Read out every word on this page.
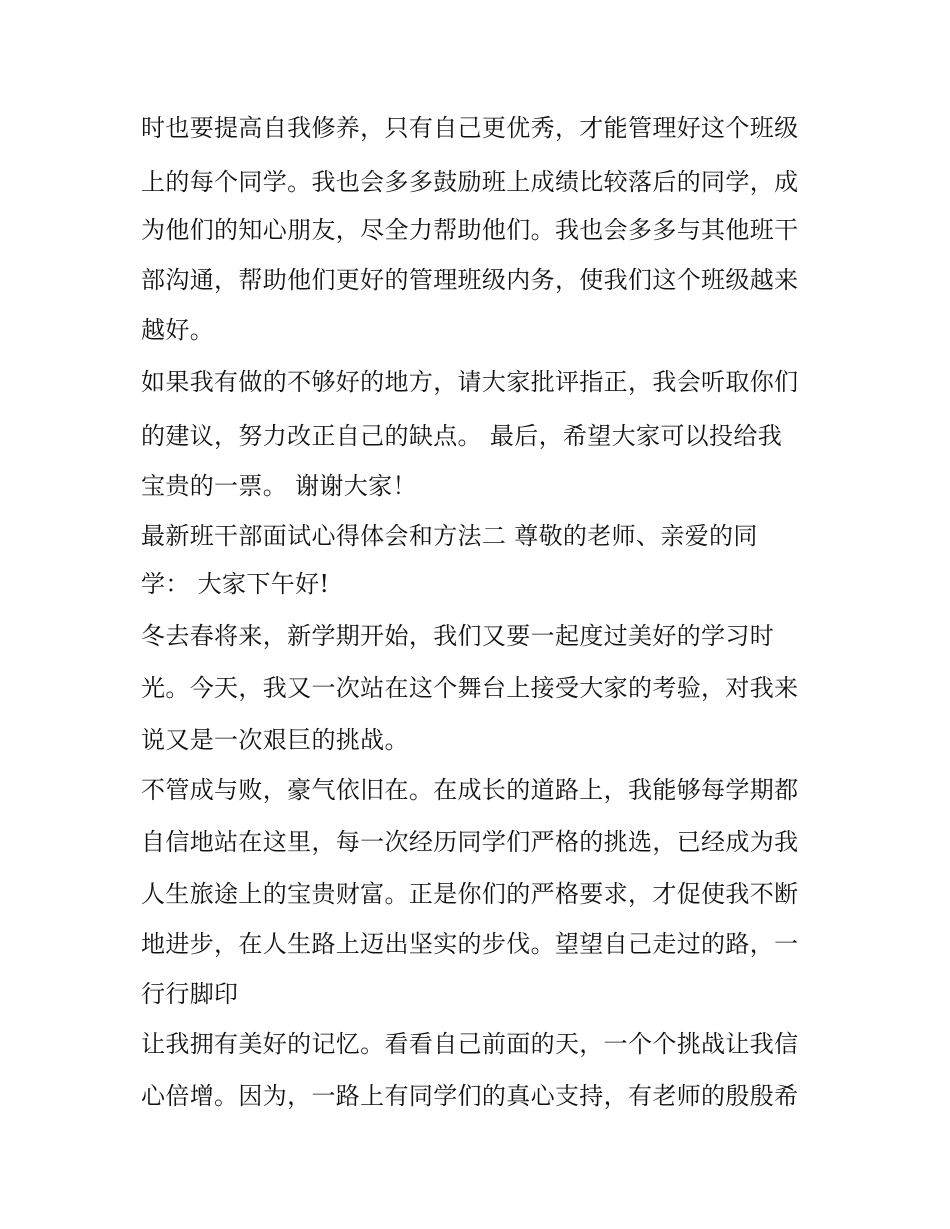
时也要提高自我修养，只有自己更优秀，才能管理好这个班级
上的每个同学。我也会多多鼓励班上成绩比较落后的同学，成
为他们的知心朋友，尽全力帮助他们。我也会多多与其他班干
部沟通，帮助他们更好的管理班级内务，使我们这个班级越来
越好。
如果我有做的不够好的地方，请大家批评指正，我会听取你们
的建议，努力改正自己的缺点。 最后，希望大家可以投给我
宝贵的一票。 谢谢大家！
最新班干部面试心得体会和方法二 尊敬的老师、亲爱的同
学： 大家下午好!
冬去春将来，新学期开始，我们又要一起度过美好的学习时
光。今天，我又一次站在这个舞台上接受大家的考验，对我来
说又是一次艰巨的挑战。
不管成与败，豪气依旧在。在成长的道路上，我能够每学期都
自信地站在这里，每一次经历同学们严格的挑选，已经成为我
人生旅途上的宝贵财富。正是你们的严格要求，才促使我不断
地进步，在人生路上迈出坚实的步伐。望望自己走过的路，一
行行脚印
让我拥有美好的记忆。看看自己前面的天，一个个挑战让我信
心倍增。因为，一路上有同学们的真心支持，有老师的殷殷希
